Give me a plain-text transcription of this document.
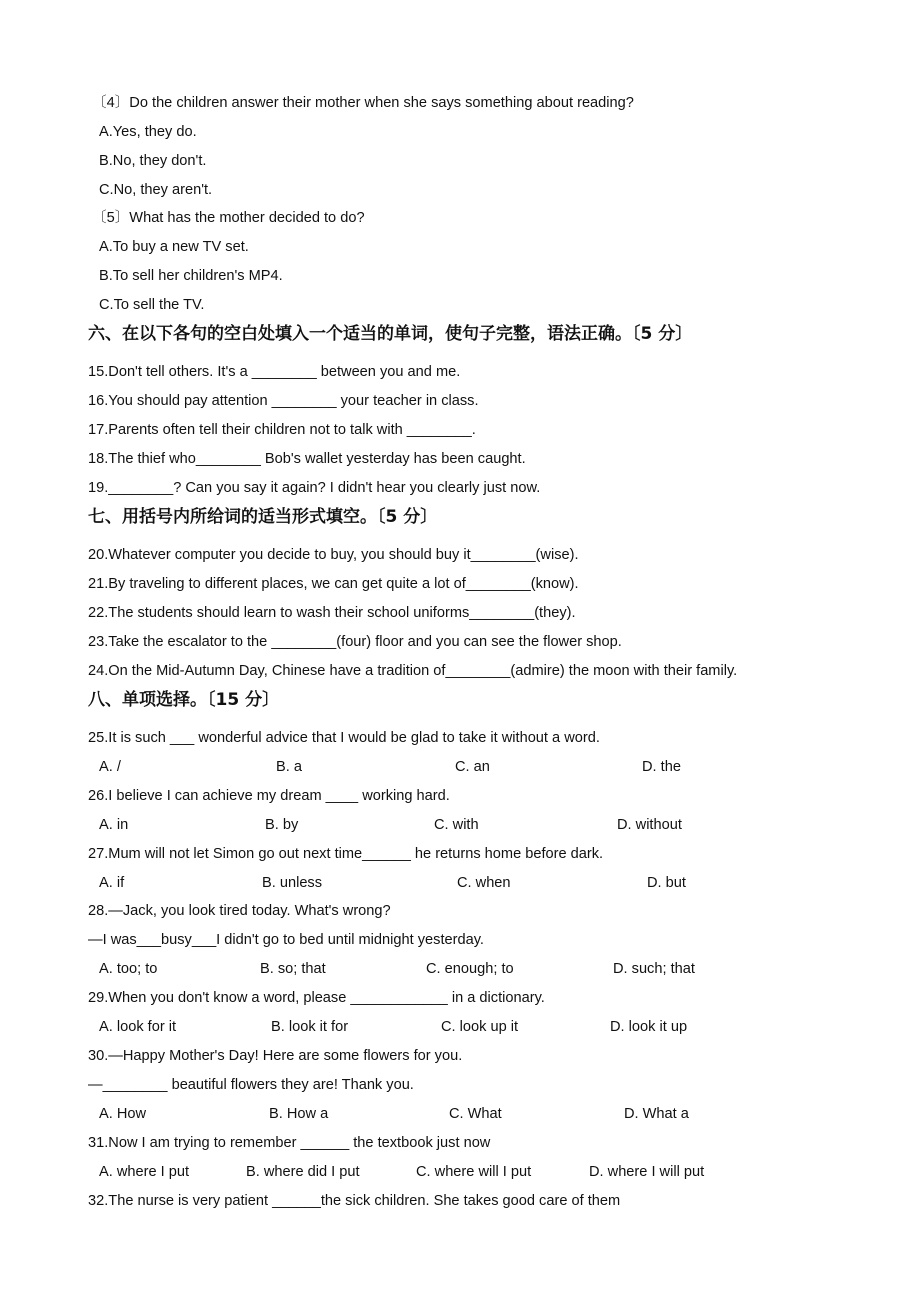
〔4〕Do the children answer their mother when she says something about reading?
A.Yes, they do.
B.No, they don't.
C.No, they aren't.
〔5〕What has the mother decided to do?
A.To buy a new TV set.
B.To sell her children's MP4.
C.To sell the TV.
六、在以下各句的空白处填入一个适当的单词，使句子完整，语法正确。〔5 分〕
15.Don't tell others. It's a ________ between you and me.
16.You should pay attention ________ your teacher in class.
17.Parents often tell their children not to talk with ________.
18.The thief who________ Bob's wallet yesterday has been caught.
19.________? Can you say it again? I didn't hear you clearly just now.
七、用括号内所给词的适当形式填空。〔5 分〕
20.Whatever computer you decide to buy, you should buy it________(wise).
21.By traveling to different places, we can get quite a lot of________(know).
22.The students should learn to wash their school uniforms________(they).
23.Take the escalator to the ________(four) floor and you can see the flower shop.
24.On the Mid-Autumn Day, Chinese have a tradition of________(admire) the moon with their family.
八、单项选择。〔15 分〕
25.It is such ___ wonderful advice that I would be glad to take it without a word.
A. /	B. a	C. an	D. the
26.I believe I can achieve my dream ____ working hard.
A. in	B. by	C. with	D. without
27.Mum will not let Simon go out next time______ he returns home before dark.
A. if	B. unless	C. when	D. but
28.—Jack, you look tired today. What's wrong?
—I was___busy___I didn't go to bed until midnight yesterday.
A. too; to	B. so; that	C. enough; to	D. such; that
29.When you don't know a word, please ____________ in a dictionary.
A. look for it	B. look it for	C. look up it	D. look it up
30.—Happy Mother's Day! Here are some flowers for you.
—________ beautiful flowers they are! Thank you.
A. How	B. How a	C. What	D. What a
31.Now I am trying to remember ______ the textbook just now
A. where I put	B. where did I put	C. where will I put	D. where I will put
32.The nurse is very patient ______the sick children. She takes good care of them
